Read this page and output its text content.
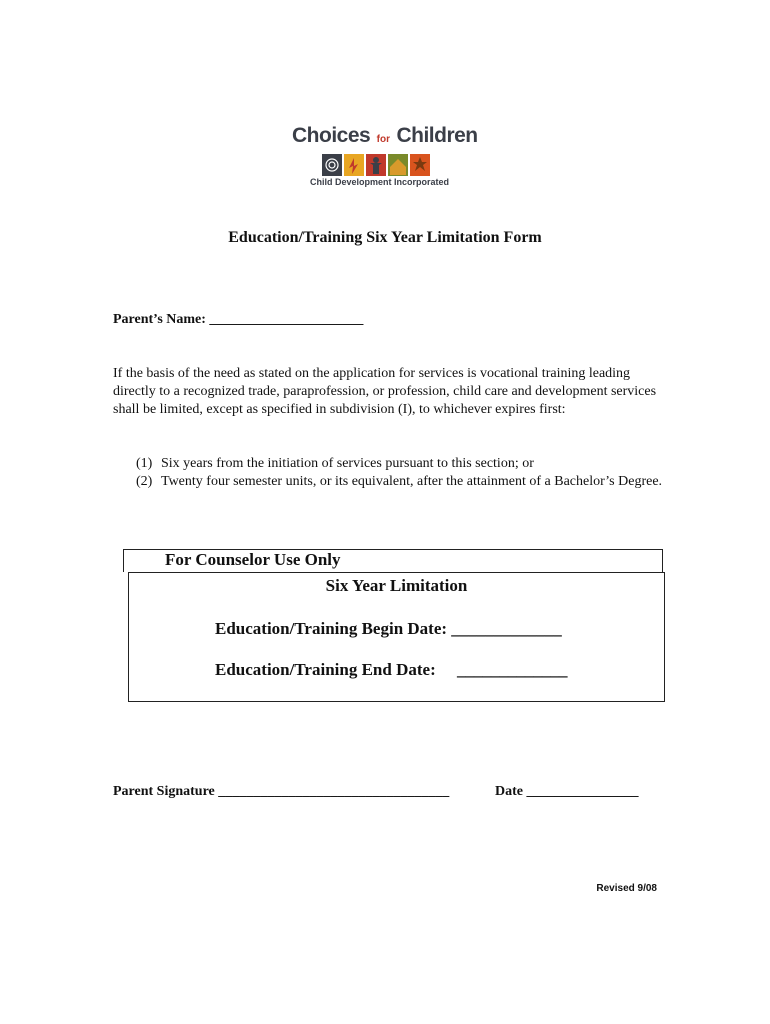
Choices for Children
Child Development Incorporated
Education/Training Six Year Limitation Form
Parent’s Name: ______________________
If the basis of the need as stated on the application for services is vocational training leading directly to a recognized trade, paraprofession, or profession, child care and development services shall be limited, except as specified in subdivision (I), to whichever expires first:
(1) Six years from the initiation of services pursuant to this section; or
(2) Twenty four semester units, or its equivalent, after the attainment of a Bachelor’s Degree.
For Counselor Use Only
Six Year Limitation
Education/Training Begin Date: _____________
Education/Training End Date: _____________
Parent Signature _________________________________	Date ________________
Revised 9/08
